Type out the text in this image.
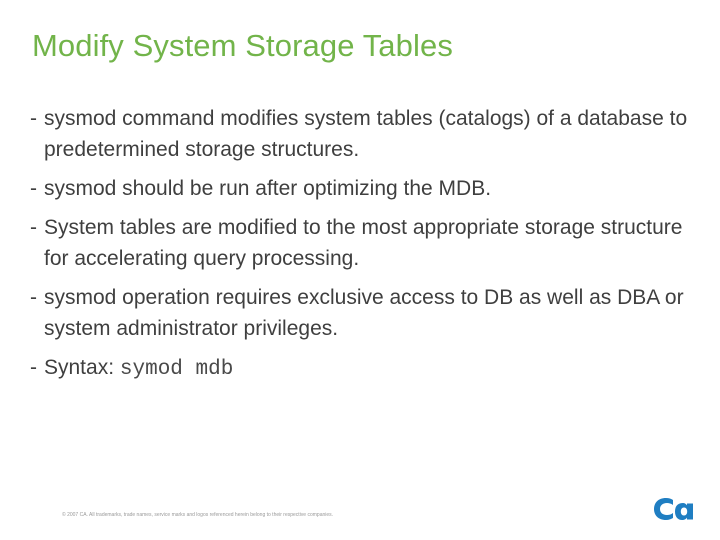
Modify System Storage Tables
- sysmod command modifies system tables (catalogs) of a database to predetermined storage structures.
- sysmod should be run after optimizing the MDB.
- System tables are modified to the most appropriate storage structure for accelerating query processing.
- sysmod operation requires exclusive access to DB as well as DBA or system administrator privileges.
- Syntax: symod mdb
© 2007 CA. All trademarks, trade names, service marks and logos referenced herein belong to their respective companies.
